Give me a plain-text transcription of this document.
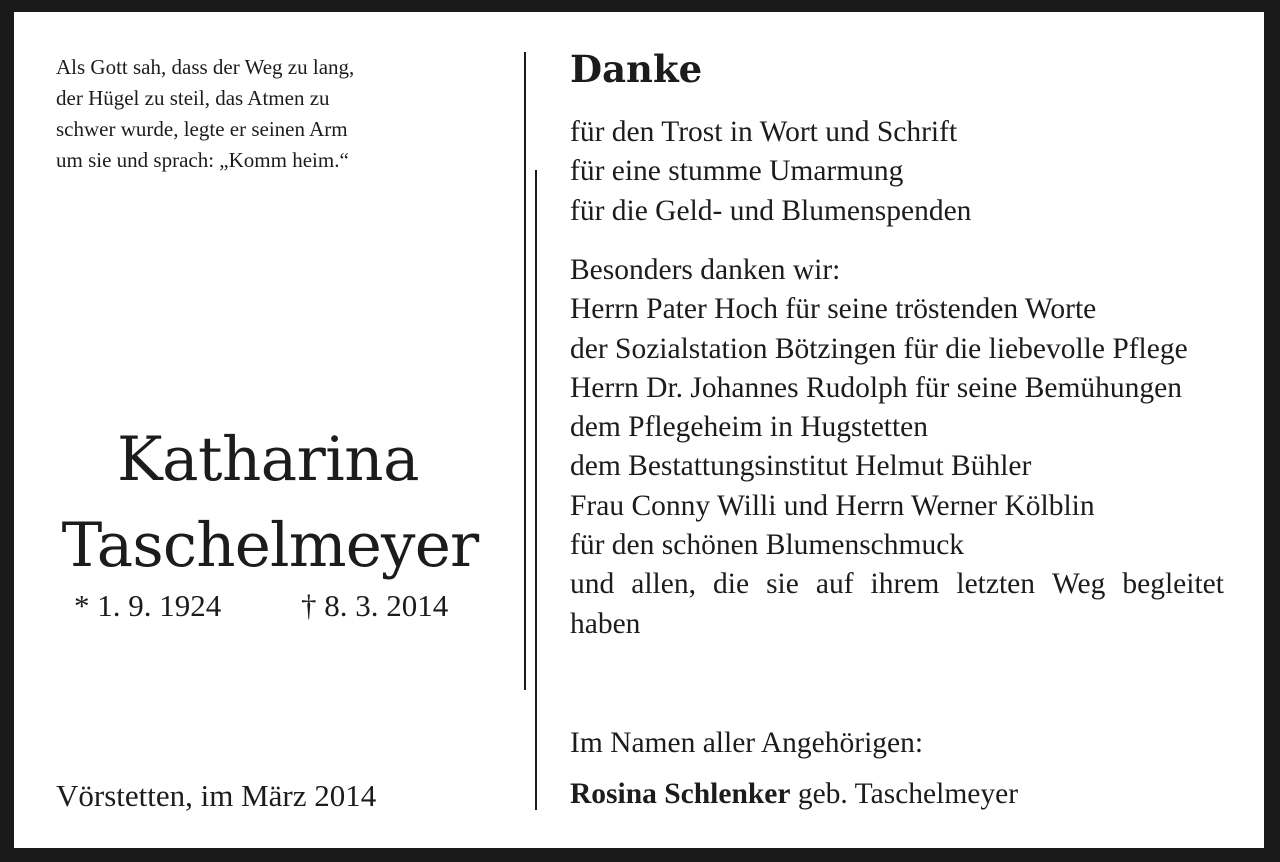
Als Gott sah, dass der Weg zu lang,
der Hügel zu steil, das Atmen zu
schwer wurde, legte er seinen Arm
um sie und sprach: „Komm heim.“
Katharina
Taschelmeyer
* 1. 9. 1924	† 8. 3. 2014
Vörstetten, im März 2014
Danke
für den Trost in Wort und Schrift
für eine stumme Umarmung
für die Geld- und Blumenspenden
Besonders danken wir:
Herrn Pater Hoch für seine tröstenden Worte
der Sozialstation Bötzingen für die liebevolle Pflege
Herrn Dr. Johannes Rudolph für seine Bemühungen
dem Pflegeheim in Hugstetten
dem Bestattungsinstitut Helmut Bühler
Frau Conny Willi und Herrn Werner Kölblin
für den schönen Blumenschmuck
und allen, die sie auf ihrem letzten Weg begleitet
haben
Im Namen aller Angehörigen:
Rosina Schlenker geb. Taschelmeyer
